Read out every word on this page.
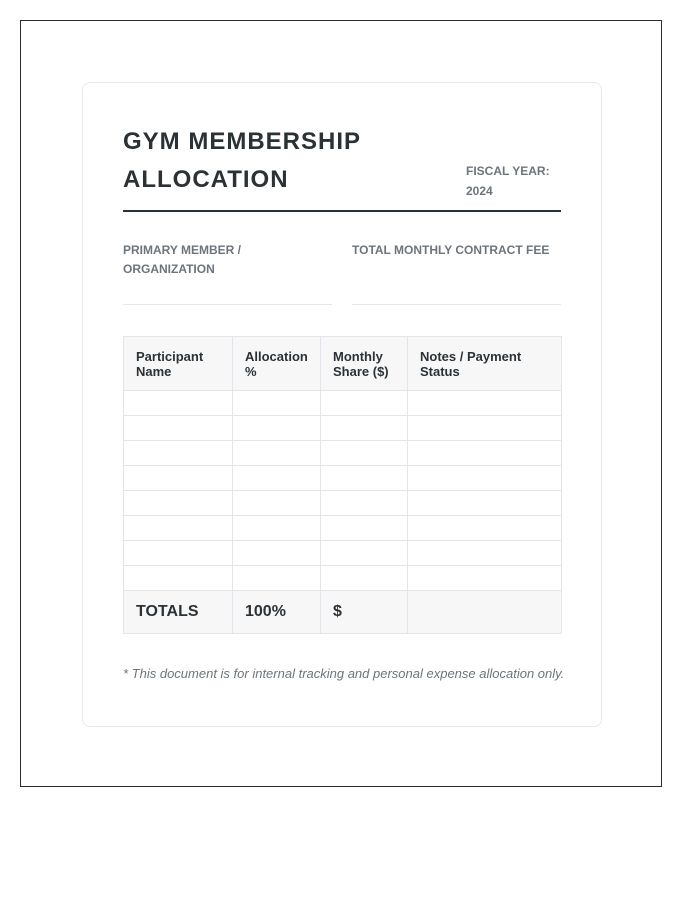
GYM MEMBERSHIP ALLOCATION	FISCAL YEAR: 2024
PRIMARY MEMBER / ORGANIZATION
TOTAL MONTHLY CONTRACT FEE
Participant Name	Allocation %	Monthly Share ($)	Notes / Payment Status

TOTALS	100%	$	
* This document is for internal tracking and personal expense allocation only.
